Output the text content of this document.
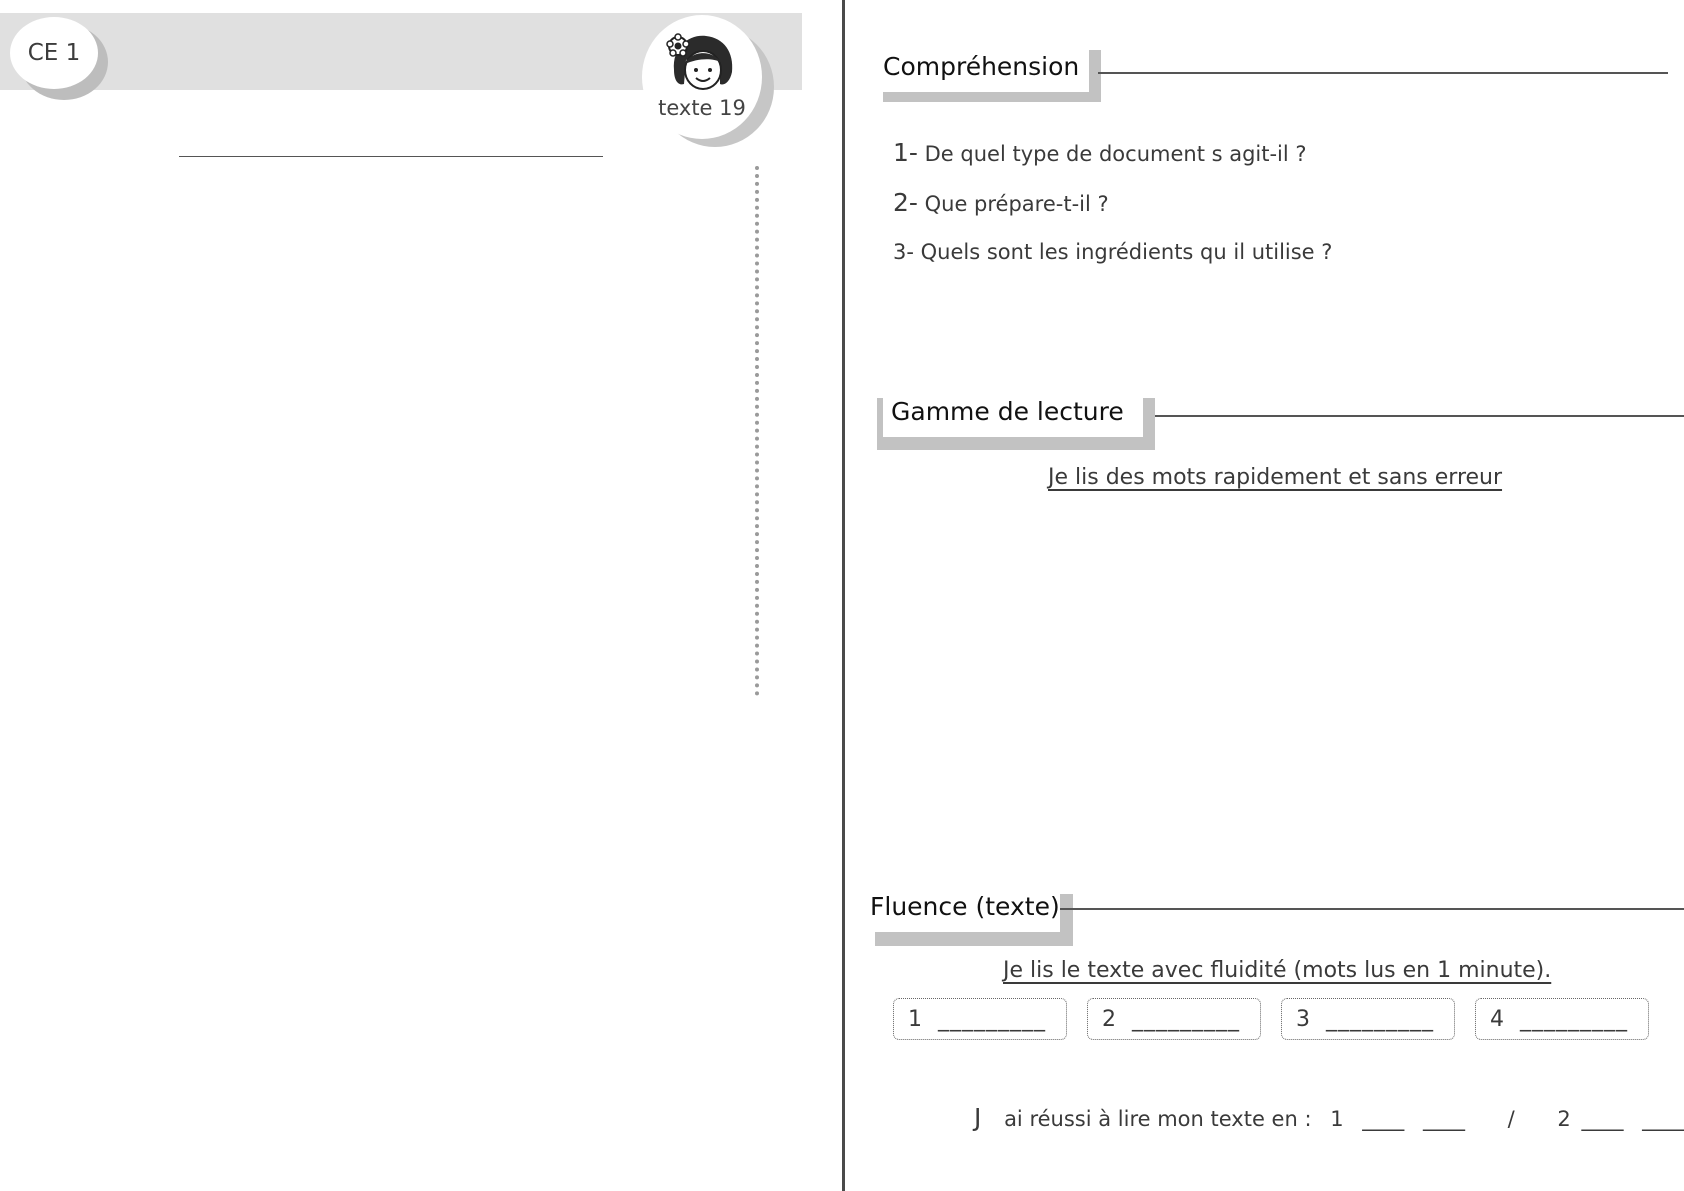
CE 1
texte 19
Compréhension
1- De quel type de document s agit-il ?
2- Que prépare-t-il ?
3- Quels sont les ingrédients qu il utilise ?
Gamme de lecture
Je lis des mots rapidement et sans erreur
Fluence (texte)
Je lis le texte avec fluidité (mots lus en 1 minute).
1 _________	2 _________	3 _________	4 _________
J ai réussi à lire mon texte en : 1 ____ ____ / 2 ____ ____
